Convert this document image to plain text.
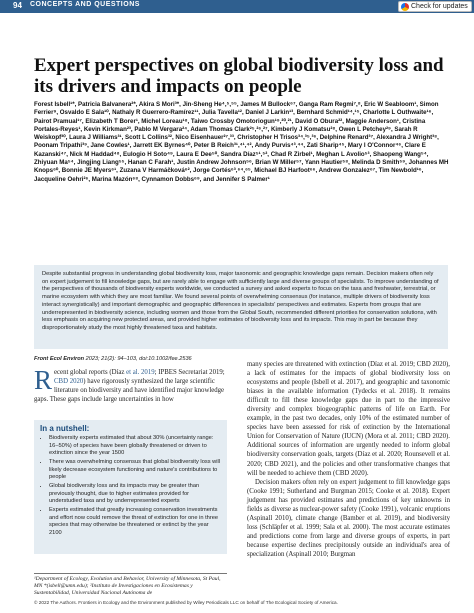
94 CONCEPTS AND QUESTIONS	Check for updates
Expert perspectives on global biodiversity loss and its drivers and impacts on people
Forest Isbell¹*, Patricia Balvanera²*, Akira S Mori³*, Jin-Sheng He⁴,⁵,⁵⁵, James M Bullock⁶⁷, Ganga Ram Regmi⁷,⁸, Eric W Seabloom¹, Simon Ferrier⁹, Osvaldo E Sala¹⁰, Nathaly R Guerrero-Ramírez¹¹, Julia Tavella¹², Daniel J Larkin¹³, Bernhard Schmid¹⁴,¹⁵, Charlotte L Outhwaite¹⁶, Pairot Pramual¹⁷, Elizabeth T Borer¹, Michel Loreau¹⁸, Taiwo Crossby Omotoriogun¹⁹,²⁰,²¹, David O Obura²², Maggie Anderson¹, Cristina Portales-Reyes¹, Kevin Kirkman²³, Pablo M Vergara²⁴, Adam Thomas Clark²⁵,²⁶,²⁷, Kimberly J Komatsu²⁸, Owen L Petchey²⁹, Sarah R Weiskopf³⁰, Laura J Williams³¹, Scott L Collins³², Nico Eisenhauer²⁷,³³, Christopher H Trisos³⁴,³⁵,³⁶, Delphine Renard³⁷, Alexandra J Wright³⁸, Poonam Tripathi³⁹, Jane Cowles¹, Jarrett EK Byrnes⁴⁰, Peter B Reich³¹,⁴¹,⁴², Andy Purvis⁴³,⁴⁴, Zati Sharip⁴⁵, Mary I O'Connor⁴⁶, Clare E Kazanski⁴⁷, Nick M Haddad⁴⁸, Eulogio H Soto⁴⁹, Laura E Dee⁵⁰, Sandra Díaz⁵¹,⁵², Chad R Zirbel¹, Meghan L Avolio⁵³, Shaopeng Wang⁵⁴, Zhiyuan Ma⁵⁴, Jingjing Liang⁵⁵, Hanan C Farah¹, Justin Andrew Johnson⁵⁶, Brian W Miller⁵⁷, Yann Hautier⁵⁸, Melinda D Smith⁵⁹, Johannes MH Knops⁶⁰, Bonnie JE Myers⁶¹, Zuzana V Harmáčková⁶², Jorge Cortés⁶³,⁶⁴,⁶⁵, Michael BJ Harfoot⁶⁶, Andrew Gonzalez⁶⁷, Tim Newbold¹⁶, Jacqueline Oehri²⁶, Marina Mazón⁶⁸, Cynnamon Dobbs⁶⁹, and Jennifer S Palmer¹
Despite substantial progress in understanding global biodiversity loss, major taxonomic and geographic knowledge gaps remain. Decision makers often rely on expert judgement to fill knowledge gaps, but are rarely able to engage with sufficiently large and diverse groups of specialists. To improve understanding of the perspectives of thousands of biodiversity experts worldwide, we conducted a survey and asked experts to focus on the taxa and freshwater, terrestrial, or marine ecosystem with which they are most familiar. We found several points of overwhelming consensus (for instance, multiple drivers of biodiversity loss interact synergistically) and important demographic and geographic differences in specialists' perspectives and estimates. Experts from groups that are underrepresented in biodiversity science, including women and those from the Global South, recommended different priorities for conservation solutions, with less emphasis on acquiring new protected areas, and provided higher estimates of biodiversity loss and its impacts. This may in part be because they disproportionately study the most highly threatened taxa and habitats.
Front Ecol Environ 2023; 21(2): 94–103, doi:10.1002/fee.2536
Recent global reports (Díaz et al. 2019; IPBES Secretariat 2019; CBD 2020) have rigorously synthesized the large scientific literature on biodiversity and have identified major knowledge gaps. These gaps include large uncertainties in how
In a nutshell:
• Biodiversity experts estimated that about 30% (uncertainty range: 16–50%) of species have been globally threatened or driven to extinction since the year 1500
• There was overwhelming consensus that global biodiversity loss will likely decrease ecosystem functioning and nature's contributions to people
• Global biodiversity loss and its impacts may be greater than previously thought, due to higher estimates provided for understudied taxa and by underrepresented experts
• Experts estimated that greatly increasing conservation investments and effort now could remove the threat of extinction for one in three species that may otherwise be threatened or extinct by the year 2100
¹Department of Ecology, Evolution and Behavior, University of Minnesota, St Paul, MN *(isbell@umn.edu); ²Instituto de Investigaciones en Ecosistemas y Sustentabilidad, Universidad Nacional Autónoma de

many species are threatened with extinction (Díaz et al. 2019; CBD 2020), a lack of estimates for the impacts of global biodiversity loss on ecosystems and people (Isbell et al. 2017), and geographic and taxonomic biases in the available information (Tydecks et al. 2018). It remains difficult to fill these knowledge gaps due in part to the impressive diversity and complex biogeographic patterns of life on Earth. For example, in the past two decades, only 10% of the estimated number of species have been assessed for risk of extinction by the International Union for Conservation of Nature (IUCN) (Mora et al. 2011; CBD 2020). Additional sources of information are urgently needed to inform global biodiversity conservation goals, targets (Díaz et al. 2020; Rounsevell et al. 2020; CBD 2021), and the policies and other transformative changes that will be needed to achieve them (CBD 2020).

Decision makers often rely on expert judgement to fill knowledge gaps (Cooke 1991; Sutherland and Burgman 2015; Cooke et al. 2018). Expert judgement has provided estimates and predictions of key unknowns in fields as diverse as nuclear-power safety (Cooke 1991), volcanic eruptions (Aspinall 2010), climate change (Bamber et al. 2019), and biodiversity loss (Schläpfer et al. 1999; Sala et al. 2000). The most accurate estimates and predictions come from large and diverse groups of experts, in part because expertise declines precipitously outside an individual's area of specialization (Aspinall 2010; Burgman

© 2022 The Authors. Frontiers in Ecology and the Environment published by Wiley Periodicals LLC on behalf of The Ecological Society of America.
